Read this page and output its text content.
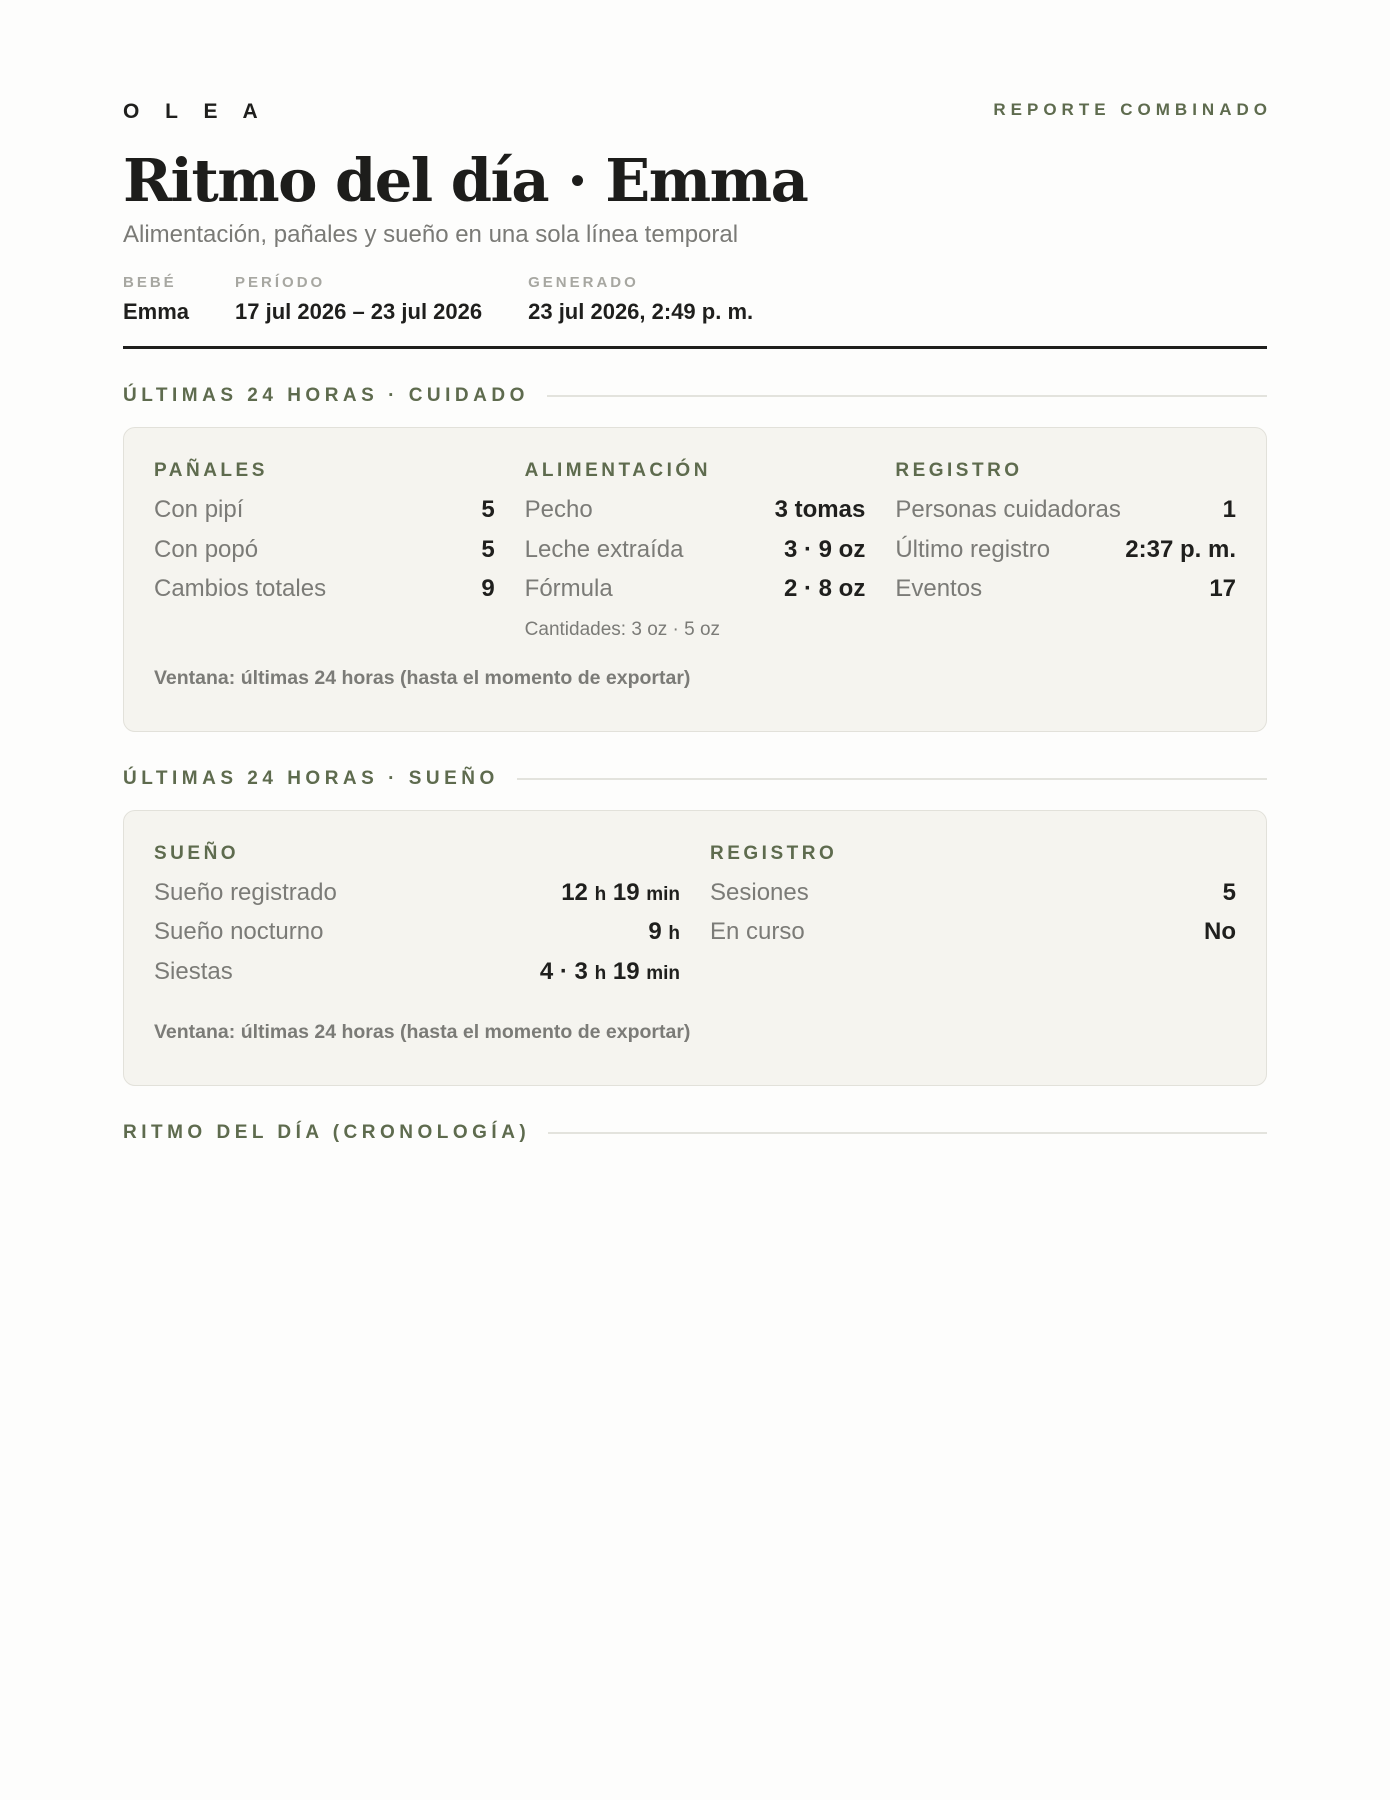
O L E A	REPORTE COMBINADO
Ritmo del día · Emma
Alimentación, pañales y sueño en una sola línea temporal
BEBÉ
Emma
PERÍODO
17 jul 2026 – 23 jul 2026
GENERADO
23 jul 2026, 2:49 p. m.
ÚLTIMAS 24 HORAS · CUIDADO
PAÑALES
Con pipí	5
Con popó	5
Cambios totales	9
ALIMENTACIÓN
Pecho	3 tomas
Leche extraída	3 · 9 oz
Fórmula	2 · 8 oz
Cantidades: 3 oz · 5 oz
REGISTRO
Personas cuidadoras	1
Último registro	2:37 p. m.
Eventos	17
Ventana: últimas 24 horas (hasta el momento de exportar)
ÚLTIMAS 24 HORAS · SUEÑO
SUEÑO
Sueño registrado	12 h 19 min
Sueño nocturno	9 h
Siestas	4 · 3 h 19 min
REGISTRO
Sesiones	5
En curso	No
Ventana: últimas 24 horas (hasta el momento de exportar)
RITMO DEL DÍA (CRONOLOGÍA)
